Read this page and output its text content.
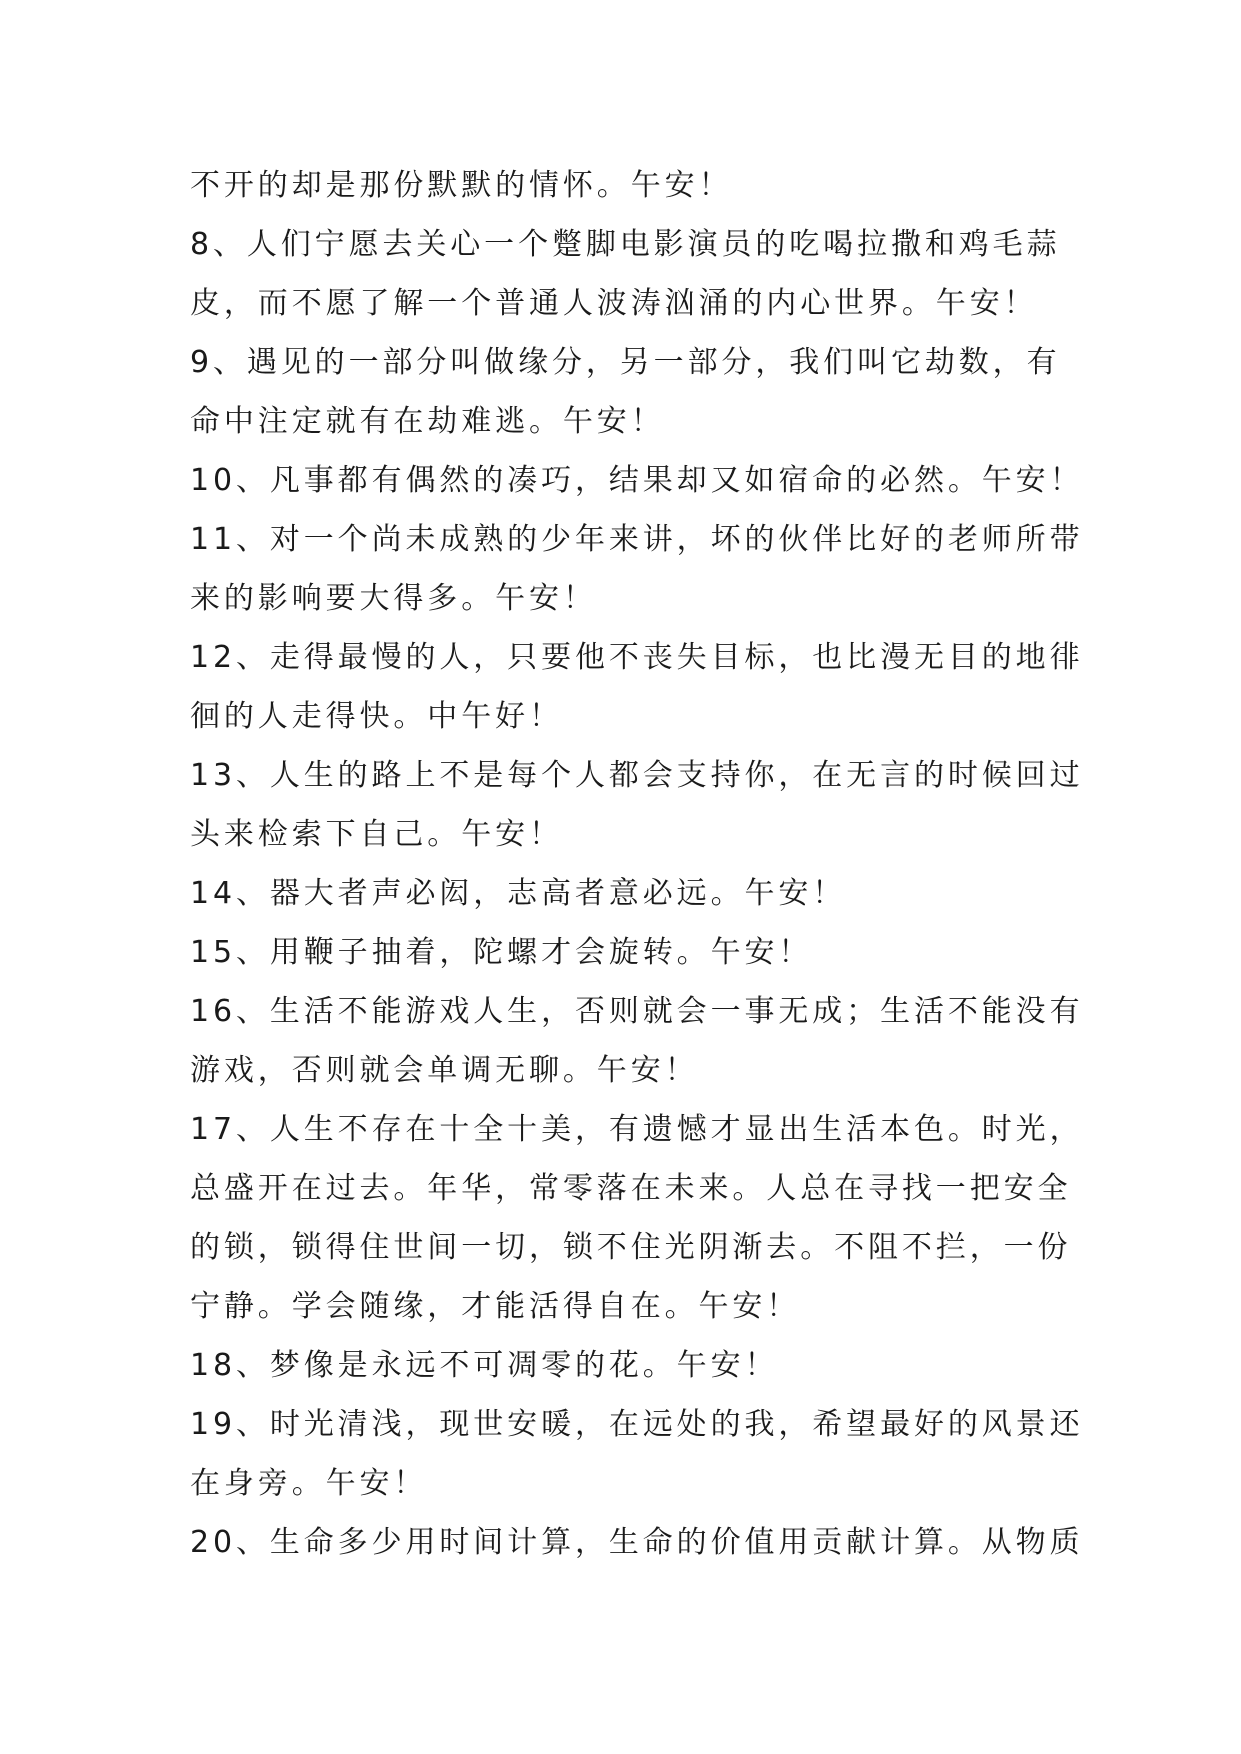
不开的却是那份默默的情怀。午安！
8、人们宁愿去关心一个蹩脚电影演员的吃喝拉撒和鸡毛蒜
皮，而不愿了解一个普通人波涛汹涌的内心世界。午安！
9、遇见的一部分叫做缘分，另一部分，我们叫它劫数，有
命中注定就有在劫难逃。午安！
10、凡事都有偶然的凑巧，结果却又如宿命的必然。午安！
11、对一个尚未成熟的少年来讲，坏的伙伴比好的老师所带
来的影响要大得多。午安！
12、走得最慢的人，只要他不丧失目标，也比漫无目的地徘
徊的人走得快。中午好！
13、人生的路上不是每个人都会支持你，在无言的时候回过
头来检索下自己。午安！
14、器大者声必闳，志高者意必远。午安！
15、用鞭子抽着，陀螺才会旋转。午安！
16、生活不能游戏人生，否则就会一事无成；生活不能没有
游戏，否则就会单调无聊。午安！
17、人生不存在十全十美，有遗憾才显出生活本色。时光，
总盛开在过去。年华，常零落在未来。人总在寻找一把安全
的锁，锁得住世间一切，锁不住光阴渐去。不阻不拦，一份
宁静。学会随缘，才能活得自在。午安！
18、梦像是永远不可凋零的花。午安！
19、时光清浅，现世安暖，在远处的我，希望最好的风景还
在身旁。午安！
20、生命多少用时间计算，生命的价值用贡献计算。从物质
